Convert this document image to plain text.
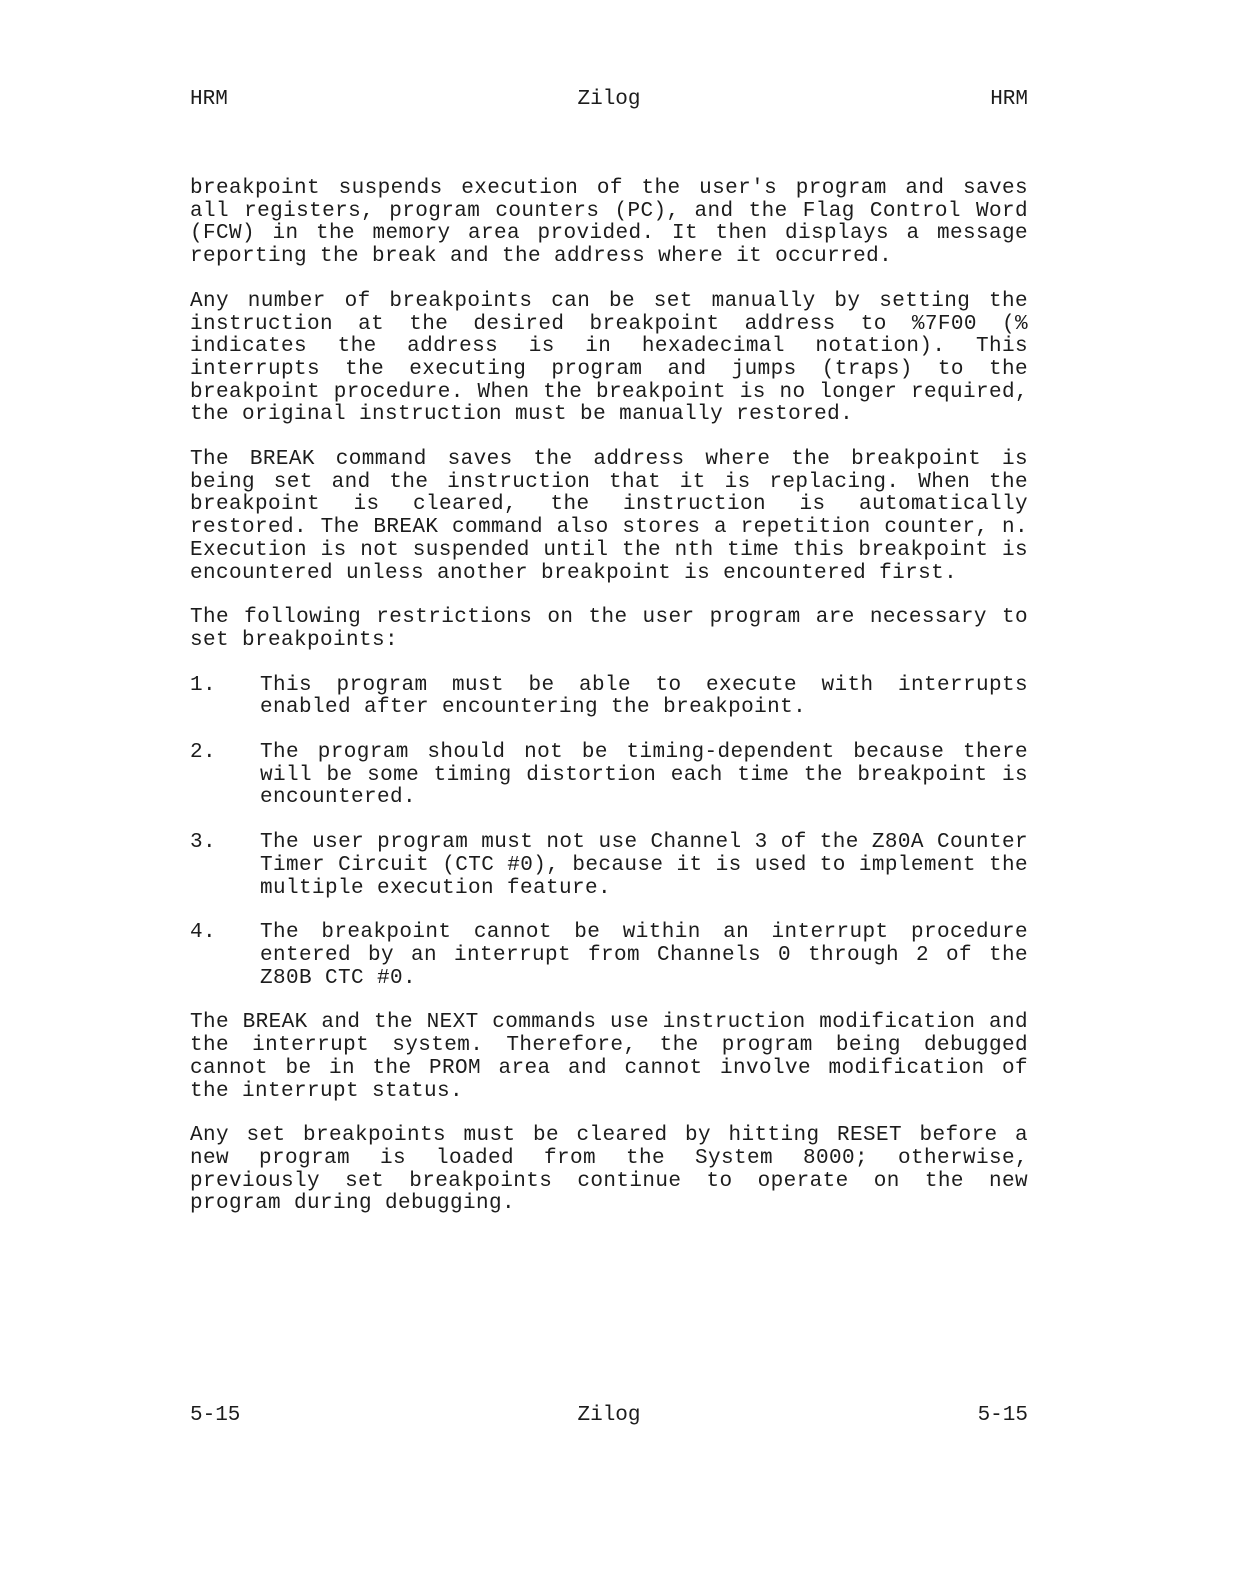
HRM	Zilog	HRM

breakpoint suspends execution of the user's program and saves all registers, program counters (PC), and the Flag Control Word (FCW) in the memory area provided. It then displays a message reporting the break and the address where it occurred.

Any number of breakpoints can be set manually by setting the instruction at the desired breakpoint address to %7F00 (% indicates the address is in hexadecimal notation). This interrupts the executing program and jumps (traps) to the breakpoint procedure. When the breakpoint is no longer required, the original instruction must be manually restored.

The BREAK command saves the address where the breakpoint is being set and the instruction that it is replacing. When the breakpoint is cleared, the instruction is automatically restored. The BREAK command also stores a repetition counter, n. Execution is not suspended until the nth time this breakpoint is encountered unless another breakpoint is encountered first.

The following restrictions on the user program are necessary to set breakpoints:

1. This program must be able to execute with interrupts enabled after encountering the breakpoint.
2. The program should not be timing-dependent because there will be some timing distortion each time the breakpoint is encountered.
3. The user program must not use Channel 3 of the Z80A Counter Timer Circuit (CTC #0), because it is used to implement the multiple execution feature.
4. The breakpoint cannot be within an interrupt procedure entered by an interrupt from Channels 0 through 2 of the Z80B CTC #0.

The BREAK and the NEXT commands use instruction modification and the interrupt system. Therefore, the program being debugged cannot be in the PROM area and cannot involve modification of the interrupt status.

Any set breakpoints must be cleared by hitting RESET before a new program is loaded from the System 8000; otherwise, previously set breakpoints continue to operate on the new program during debugging.

5-15	Zilog	5-15
